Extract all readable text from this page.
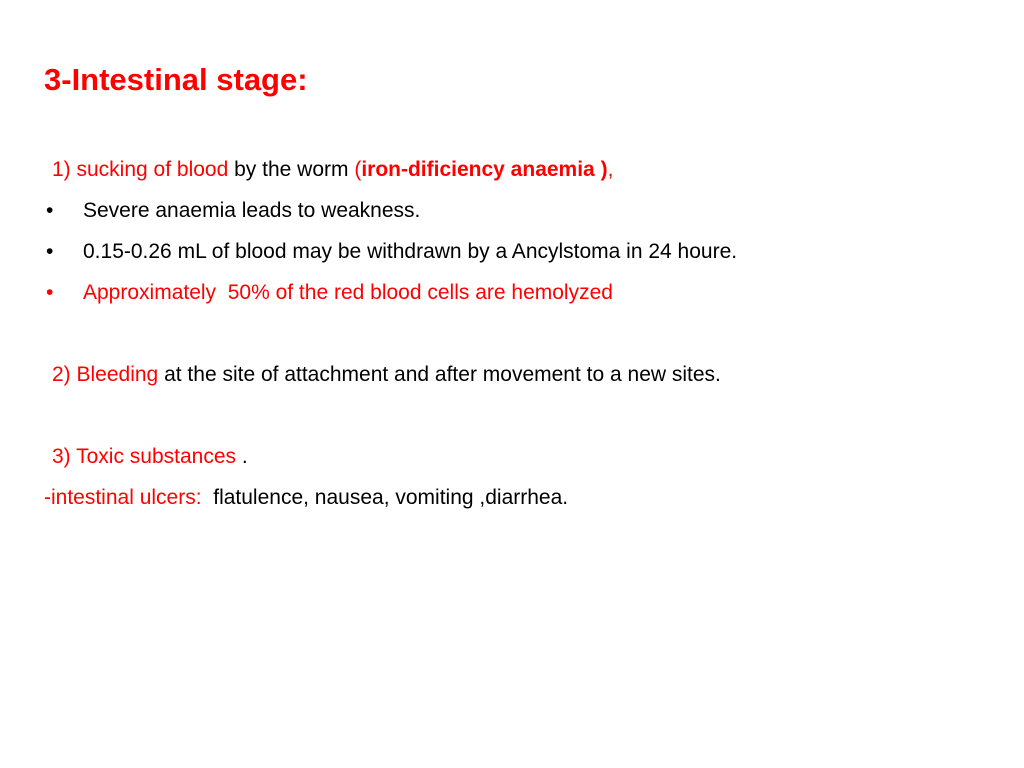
3-Intestinal stage:
1) sucking of blood by the worm (iron-dificiency anaemia ),
• Severe anaemia leads to weakness.
• 0.15-0.26 mL of blood may be withdrawn by a Ancylstoma in 24 houre.
• Approximately  50% of the red blood cells are hemolyzed
2) Bleeding at the site of attachment and after movement to a new sites.
3) Toxic substances .
-intestinal ulcers:  flatulence, nausea, vomiting ,diarrhea.
